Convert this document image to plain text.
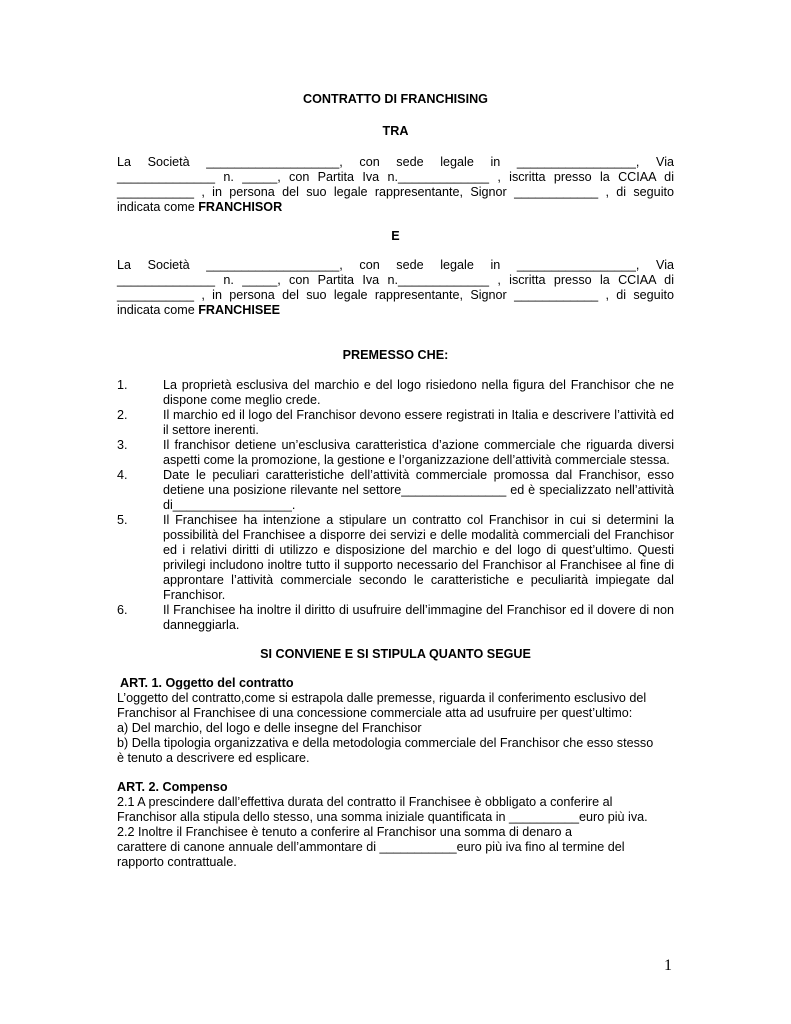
CONTRATTO DI FRANCHISING

TRA

La Società ___________________, con sede legale in _________________, Via

______________ n. _____, con Partita Iva n._____________ , iscritta presso la CCIAA di

___________ , in persona del suo legale rappresentante, Signor ____________ , di seguito

indicata come FRANCHISOR

E

La Società ___________________, con sede legale in _________________, Via

______________ n. _____, con Partita Iva n._____________ , iscritta presso la CCIAA di

___________ , in persona del suo legale rappresentante, Signor ____________ , di seguito

indicata come FRANCHISEE

PREMESSO CHE:

1.	La proprietà esclusiva del marchio e del logo risiedono nella figura del Franchisor che ne dispone come meglio crede.
2.	Il marchio ed il logo del Franchisor devono essere registrati in Italia e descrivere l’attività ed il settore inerenti.
3.	Il franchisor detiene un’esclusiva caratteristica d’azione commerciale che riguarda diversi aspetti come la promozione, la gestione e l’organizzazione dell’attività commerciale stessa.
4.	Date le peculiari caratteristiche dell’attività commerciale promossa dal Franchisor, esso detiene una posizione rilevante nel settore_______________ ed è specializzato nell’attività di_________________.
5.	Il Franchisee ha intenzione a stipulare un contratto col Franchisor in cui si determini la possibilità del Franchisee a disporre dei servizi e delle modalità commerciali del Franchisor ed i relativi diritti di utilizzo e disposizione del marchio e del logo di quest’ultimo. Questi privilegi includono inoltre tutto il supporto necessario del Franchisor al Franchisee al fine di approntare l’attività commerciale secondo le caratteristiche e peculiarità impiegate dal Franchisor.
6.	Il Franchisee ha inoltre il diritto di usufruire dell’immagine del Franchisor ed il dovere di non danneggiarla.

SI CONVIENE E SI STIPULA QUANTO SEGUE

ART. 1. Oggetto del contratto

L’oggetto del contratto,come si estrapola dalle premesse, riguarda il conferimento esclusivo del

Franchisor al Franchisee di una concessione commerciale atta ad usufruire per quest’ultimo:

a) Del marchio, del logo e delle insegne del Franchisor

b) Della tipologia organizzativa e della metodologia commerciale del Franchisor che esso stesso

è tenuto a descrivere ed esplicare.

ART. 2. Compenso

2.1 A prescindere dall’effettiva durata del contratto il Franchisee è obbligato a conferire al

Franchisor alla stipula dello stesso, una somma iniziale quantificata in __________euro più iva.

2.2 Inoltre il Franchisee è tenuto a conferire al Franchisor una somma di denaro a

carattere di canone annuale dell’ammontare di ___________euro più iva fino al termine del

rapporto contrattuale.

1
